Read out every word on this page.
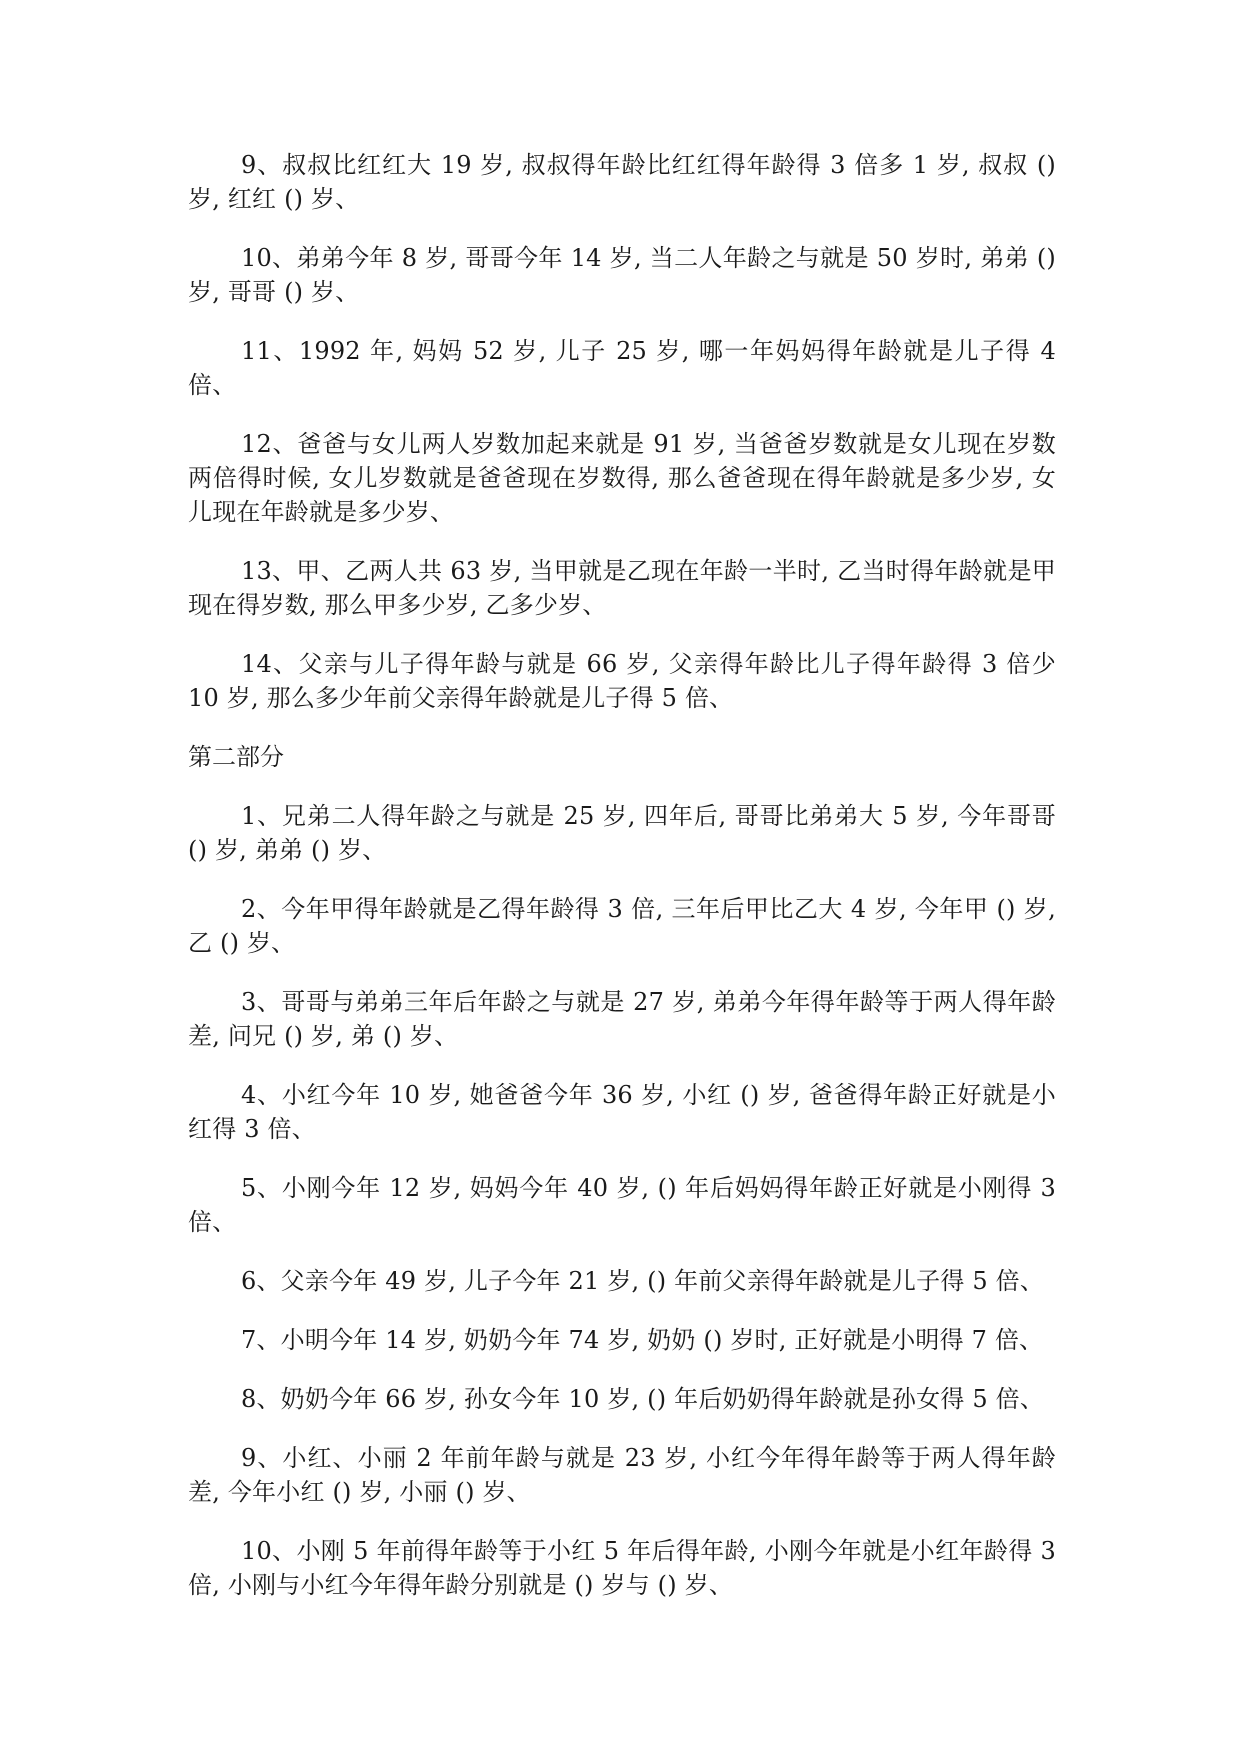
9、叔叔比红红大 19 岁, 叔叔得年龄比红红得年龄得 3 倍多 1 岁, 叔叔 () 岁, 红红 () 岁、

10、弟弟今年 8 岁, 哥哥今年 14 岁, 当二人年龄之与就是 50 岁时, 弟弟 () 岁, 哥哥 () 岁、

11、1992 年, 妈妈 52 岁, 儿子 25 岁, 哪一年妈妈得年龄就是儿子得 4 倍、

12、爸爸与女儿两人岁数加起来就是 91 岁, 当爸爸岁数就是女儿现在岁数两倍得时候, 女儿岁数就是爸爸现在岁数得, 那么爸爸现在得年龄就是多少岁, 女儿现在年龄就是多少岁、

13、甲、乙两人共 63 岁, 当甲就是乙现在年龄一半时, 乙当时得年龄就是甲现在得岁数, 那么甲多少岁, 乙多少岁、

14、父亲与儿子得年龄与就是 66 岁, 父亲得年龄比儿子得年龄得 3 倍少 10 岁, 那么多少年前父亲得年龄就是儿子得 5 倍、

第二部分

1、兄弟二人得年龄之与就是 25 岁, 四年后, 哥哥比弟弟大 5 岁, 今年哥哥 () 岁, 弟弟 () 岁、

2、今年甲得年龄就是乙得年龄得 3 倍, 三年后甲比乙大 4 岁, 今年甲 () 岁, 乙 () 岁、

3、哥哥与弟弟三年后年龄之与就是 27 岁, 弟弟今年得年龄等于两人得年龄差, 问兄 () 岁, 弟 () 岁、

4、小红今年 10 岁, 她爸爸今年 36 岁, 小红 () 岁, 爸爸得年龄正好就是小红得 3 倍、

5、小刚今年 12 岁, 妈妈今年 40 岁, () 年后妈妈得年龄正好就是小刚得 3 倍、

6、父亲今年 49 岁, 儿子今年 21 岁, () 年前父亲得年龄就是儿子得 5 倍、

7、小明今年 14 岁, 奶奶今年 74 岁, 奶奶 () 岁时, 正好就是小明得 7 倍、

8、奶奶今年 66 岁, 孙女今年 10 岁, () 年后奶奶得年龄就是孙女得 5 倍、

9、小红、小丽 2 年前年龄与就是 23 岁, 小红今年得年龄等于两人得年龄差, 今年小红 () 岁, 小丽 () 岁、

10、小刚 5 年前得年龄等于小红 5 年后得年龄, 小刚今年就是小红年龄得 3 倍, 小刚与小红今年得年龄分别就是 () 岁与 () 岁、
